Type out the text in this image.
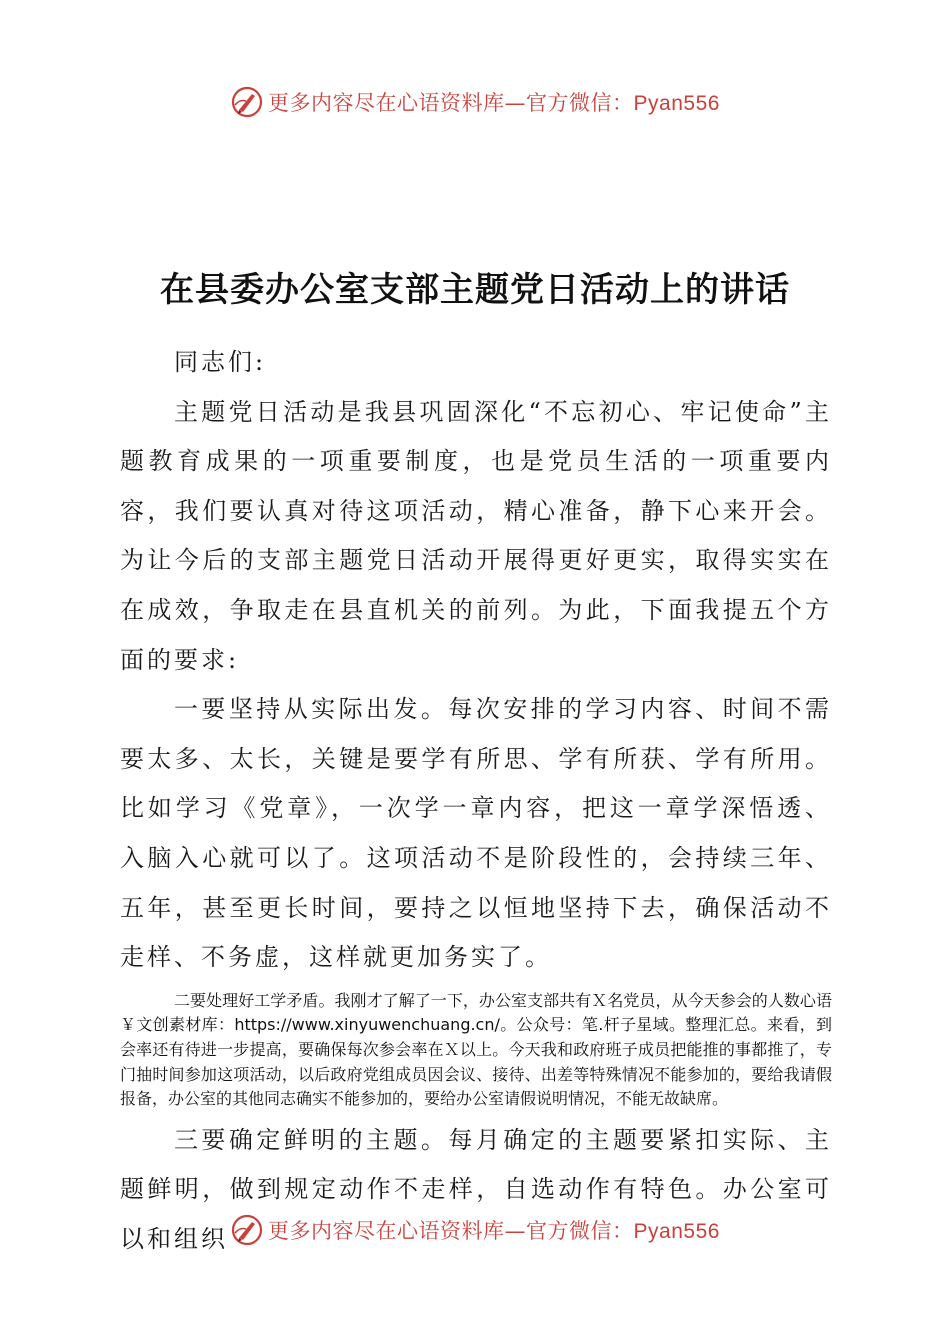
更多内容尽在心语资料库—官方微信：Pyan556
在县委办公室支部主题党日活动上的讲话

同志们:

主题党日活动是我县巩固深化“不忘初心、牢记使命”主题教育成果的一项重要制度，也是党员生活的一项重要内容，我们要认真对待这项活动，精心准备，静下心来开会。为让今后的支部主题党日活动开展得更好更实，取得实实在在成效，争取走在县直机关的前列。为此，下面我提五个方面的要求:

一要坚持从实际出发。每次安排的学习内容、时间不需要太多、太长，关键是要学有所思、学有所获、学有所用。比如学习《党章》，一次学一章内容，把这一章学深悟透、入脑入心就可以了。这项活动不是阶段性的，会持续三年、五年，甚至更长时间，要持之以恒地坚持下去，确保活动不走样、不务虚，这样就更加务实了。

二要处理好工学矛盾。我刚才了解了一下，办公室支部共有Ｘ名党员，从今天参会的人数心语￥文创素材库：https://www.xinyuwenchuang.cn/。公众号：笔.杆子星域。整理汇总。来看，到会率还有待进一步提高，要确保每次参会率在Ｘ以上。今天我和政府班子成员把能推的事都推了，专门抽时间参加这项活动，以后政府党组成员因会议、接待、出差等特殊情况不能参加的，要给我请假报备，办公室的其他同志确实不能参加的，要给办公室请假说明情况，不能无故缺席。

三要确定鲜明的主题。每月确定的主题要紧扣实际、主题鲜明，做到规定动作不走样，自选动作有特色。办公室可以和组织	更多内容尽在心语资料库—官方微信：Pyan556
